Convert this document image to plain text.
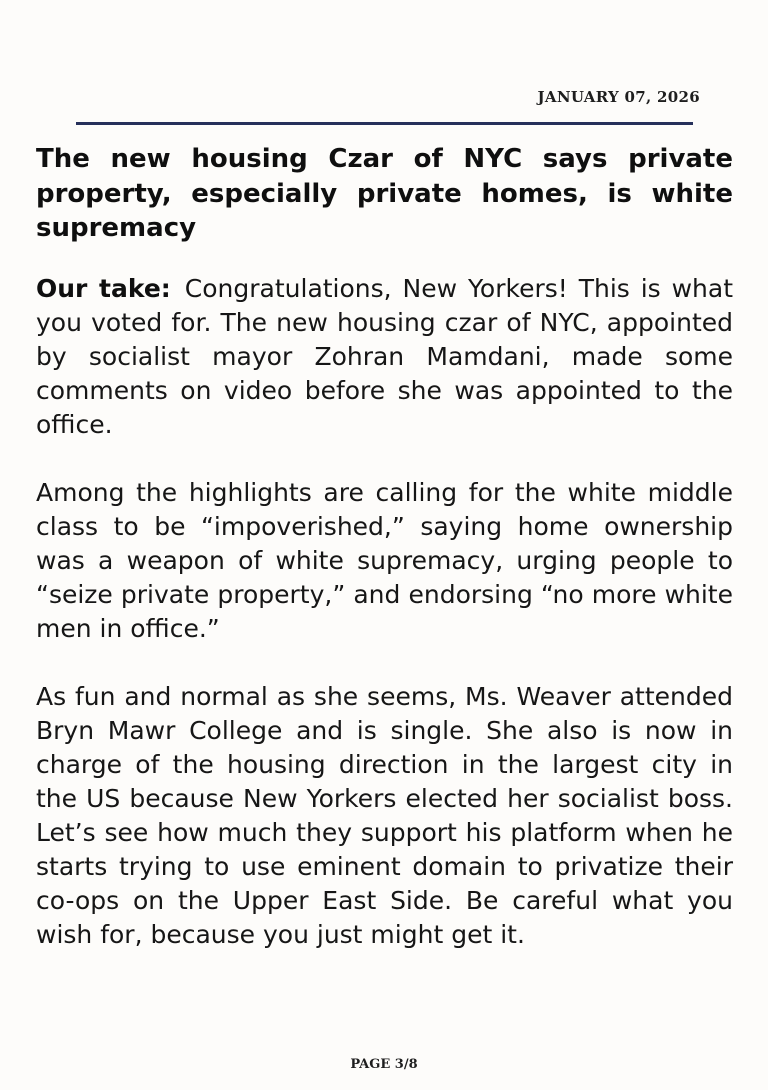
JANUARY 07, 2026
The new housing Czar of NYC says private property, especially private homes, is white supremacy

Our take: Congratulations, New Yorkers! This is what you voted for. The new housing czar of NYC, appointed by socialist mayor Zohran Mamdani, made some comments on video before she was appointed to the office.

Among the highlights are calling for the white middle class to be “impoverished,” saying home ownership was a weapon of white supremacy, urging people to “seize private property,” and endorsing “no more white men in office.”

As fun and normal as she seems, Ms. Weaver attended Bryn Mawr College and is single. She also is now in charge of the housing direction in the largest city in the US because New Yorkers elected her socialist boss. Let’s see how much they support his platform when he starts trying to use eminent domain to privatize their co-ops on the Upper East Side. Be careful what you wish for, because you just might get it.

PAGE 3/8
